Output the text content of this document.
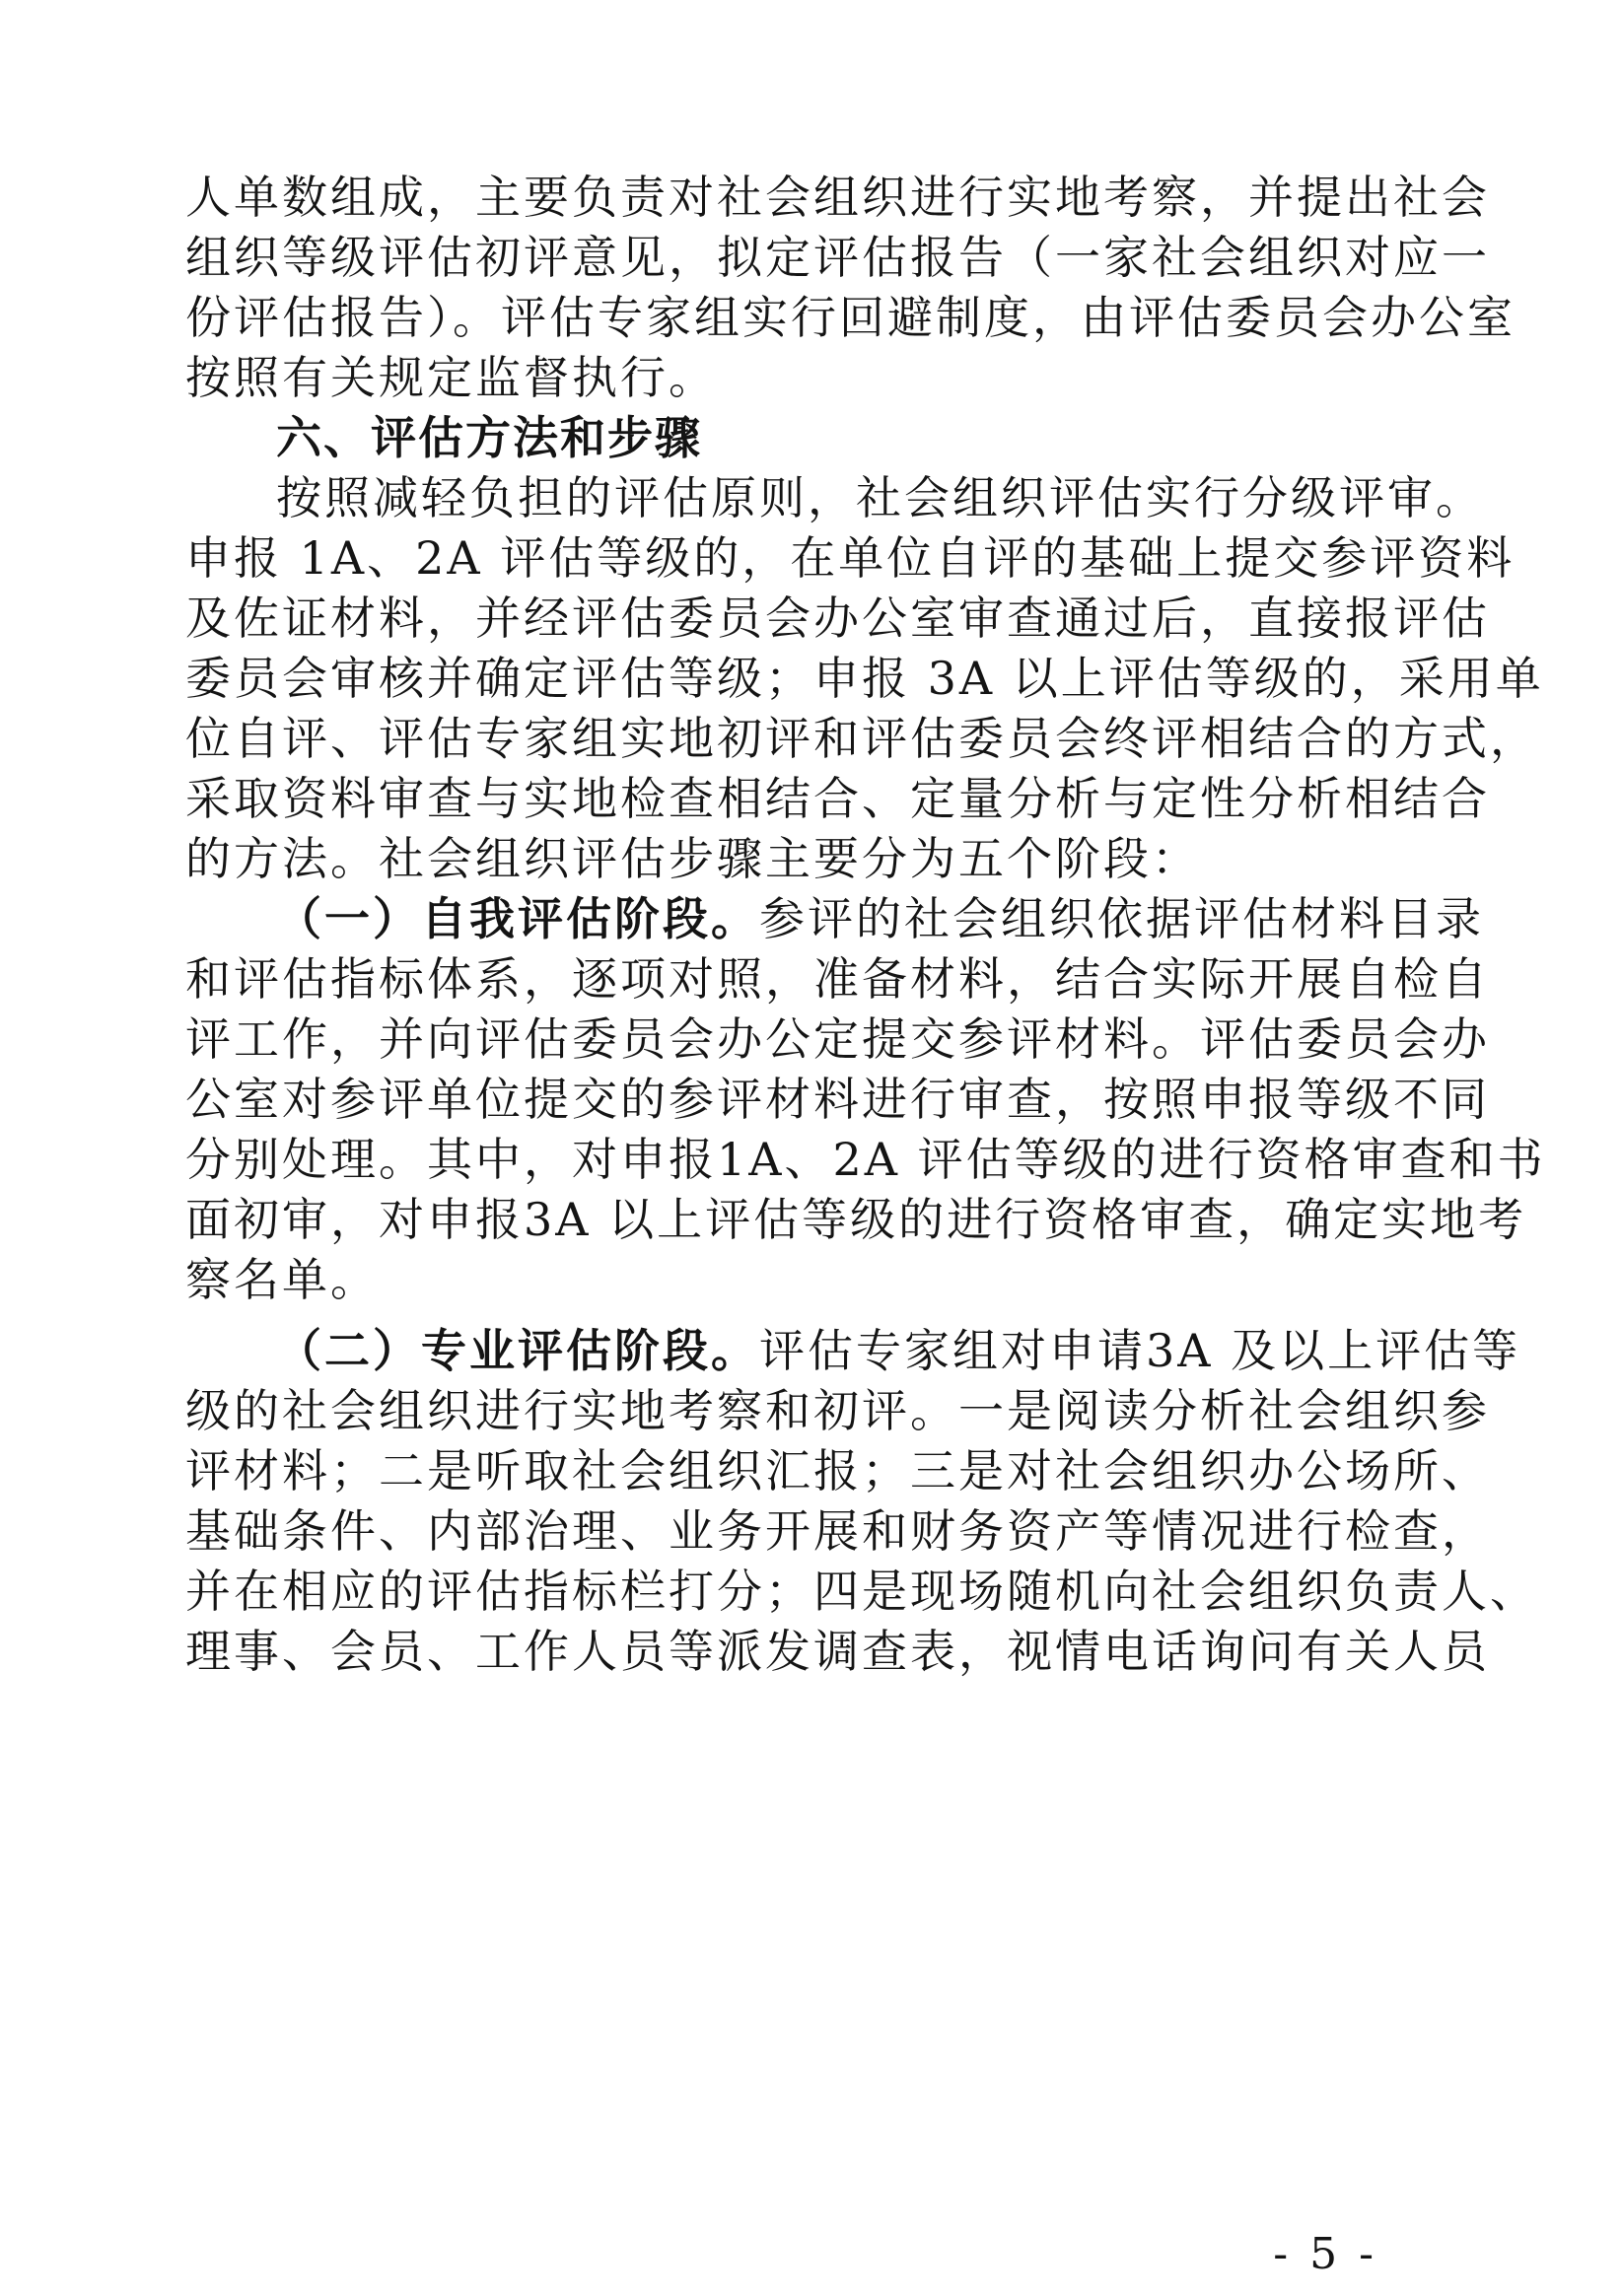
人单数组成，主要负责对社会组织进行实地考察，并提出社会
组织等级评估初评意见，拟定评估报告（一家社会组织对应一
份评估报告）。评估专家组实行回避制度，由评估委员会办公室
按照有关规定监督执行。
六、评估方法和步骤
按照减轻负担的评估原则，社会组织评估实行分级评审。
申报 1A、2A 评估等级的，在单位自评的基础上提交参评资料
及佐证材料，并经评估委员会办公室审查通过后，直接报评估
委员会审核并确定评估等级；申报 3A 以上评估等级的，采用单
位自评、评估专家组实地初评和评估委员会终评相结合的方式，
采取资料审查与实地检查相结合、定量分析与定性分析相结合
的方法。社会组织评估步骤主要分为五个阶段：
（一）自我评估阶段。参评的社会组织依据评估材料目录
和评估指标体系，逐项对照，准备材料，结合实际开展自检自
评工作，并向评估委员会办公定提交参评材料。评估委员会办
公室对参评单位提交的参评材料进行审查，按照申报等级不同
分别处理。其中，对申报1A、2A 评估等级的进行资格审查和书
面初审，对申报3A 以上评估等级的进行资格审查，确定实地考
察名单。
（二）专业评估阶段。评估专家组对申请3A 及以上评估等
级的社会组织进行实地考察和初评。一是阅读分析社会组织参
评材料；二是听取社会组织汇报；三是对社会组织办公场所、
基础条件、内部治理、业务开展和财务资产等情况进行检查，
并在相应的评估指标栏打分；四是现场随机向社会组织负责人、
理事、会员、工作人员等派发调查表，视情电话询问有关人员
- 5 -
